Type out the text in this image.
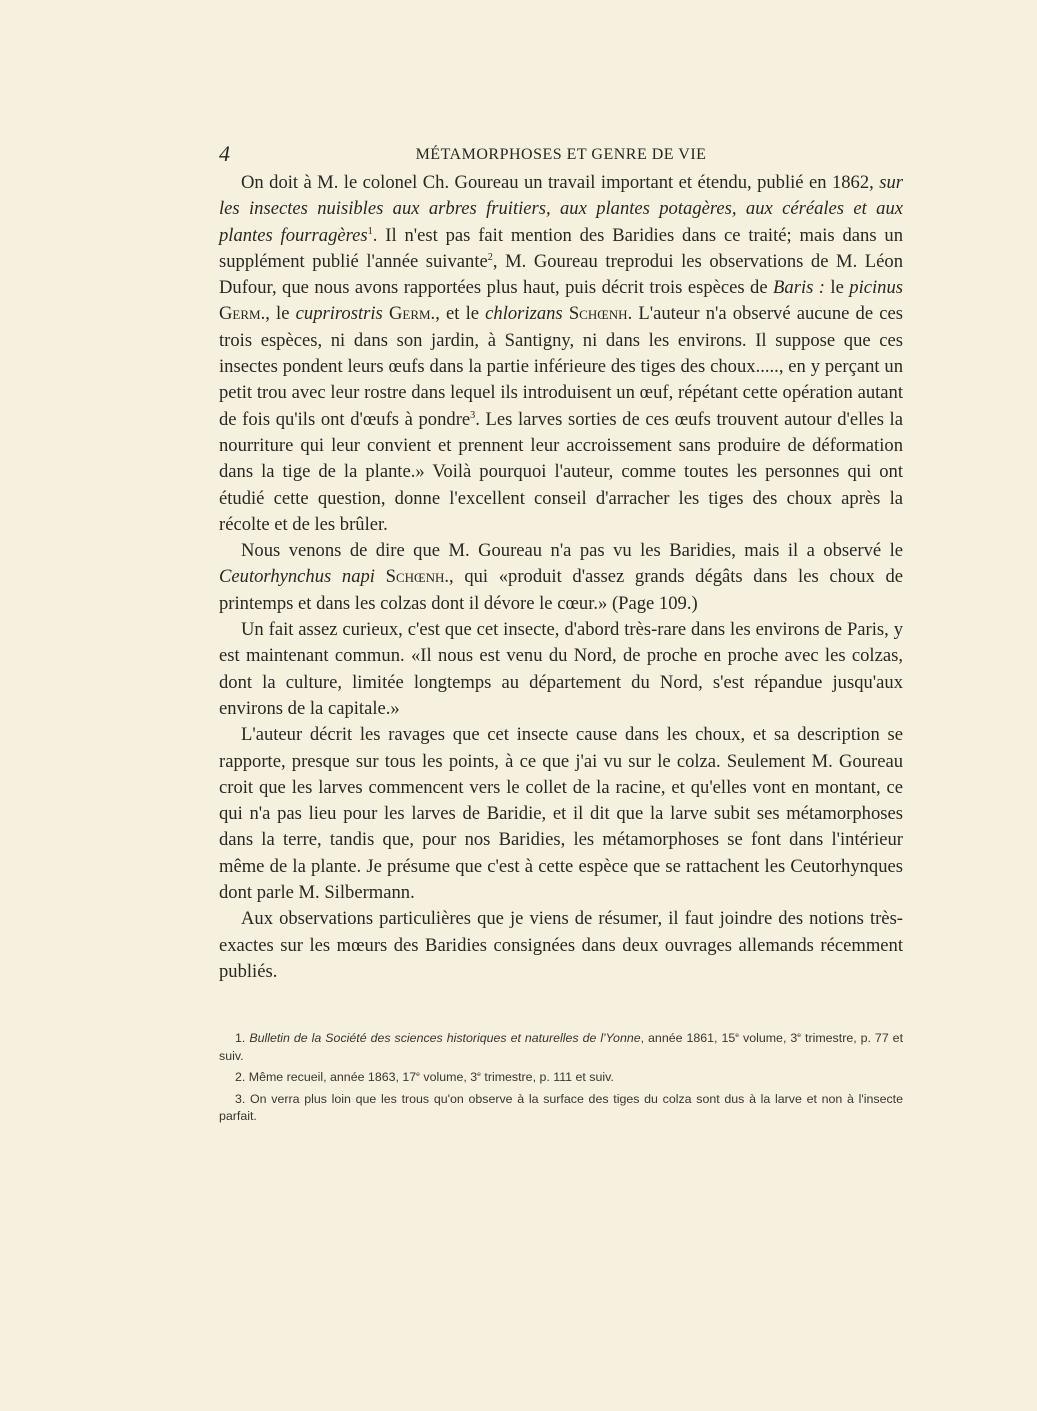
4	MÉTAMORPHOSES ET GENRE DE VIE

On doit à M. le colonel Ch. Goureau un travail important et étendu, publié en 1862, sur les insectes nuisibles aux arbres fruitiers, aux plantes potagères, aux céréales et aux plantes fourragères$^1$. Il n'est pas fait mention des Baridies dans ce traité; mais dans un supplément publié l'année suivante$^2$, M. Goureau treprodui les observations de M. Léon Dufour, que nous avons rapportées plus haut, puis décrit trois espèces de Baris : le picinus Germ., le cuprirostris Germ., et le chlorizans Schœnh. L'auteur n'a observé aucune de ces trois espèces, ni dans son jardin, à Santigny, ni dans les environs. Il suppose que ces insectes pondent leurs œufs dans la partie inférieure des tiges des choux....., en y perçant un petit trou avec leur rostre dans lequel ils introduisent un œuf, répétant cette opération autant de fois qu'ils ont d'œufs à pondre$^3$. Les larves sorties de ces œufs trouvent autour d'elles la nourriture qui leur convient et prennent leur accroissement sans produire de déformation dans la tige de la plante.» Voilà pourquoi l'auteur, comme toutes les personnes qui ont étudié cette question, donne l'excellent conseil d'arracher les tiges des choux après la récolte et de les brûler.

Nous venons de dire que M. Goureau n'a pas vu les Baridies, mais il a observé le Ceutorhynchus napi Schœnh., qui «produit d'assez grands dégâts dans les choux de printemps et dans les colzas dont il dévore le cœur.» (Page 109.)

Un fait assez curieux, c'est que cet insecte, d'abord très-rare dans les environs de Paris, y est maintenant commun. «Il nous est venu du Nord, de proche en proche avec les colzas, dont la culture, limitée longtemps au département du Nord, s'est répandue jusqu'aux environs de la capitale.»

L'auteur décrit les ravages que cet insecte cause dans les choux, et sa description se rapporte, presque sur tous les points, à ce que j'ai vu sur le colza. Seulement M. Goureau croit que les larves commencent vers le collet de la racine, et qu'elles vont en montant, ce qui n'a pas lieu pour les larves de Baridie, et il dit que la larve subit ses métamorphoses dans la terre, tandis que, pour nos Baridies, les métamorphoses se font dans l'intérieur même de la plante. Je présume que c'est à cette espèce que se rattachent les Ceutorhynques dont parle M. Silbermann.

Aux observations particulières que je viens de résumer, il faut joindre des notions très-exactes sur les mœurs des Baridies consignées dans deux ouvrages allemands récemment publiés.

1. Bulletin de la Société des sciences historiques et naturelles de l'Yonne, année 1861, 15e volume, 3e trimestre, p. 77 et suiv.

2. Même recueil, année 1863, 17e volume, 3e trimestre, p. 111 et suiv.

3. On verra plus loin que les trous qu'on observe à la surface des tiges du colza sont dus à la larve et non à l'insecte parfait.
